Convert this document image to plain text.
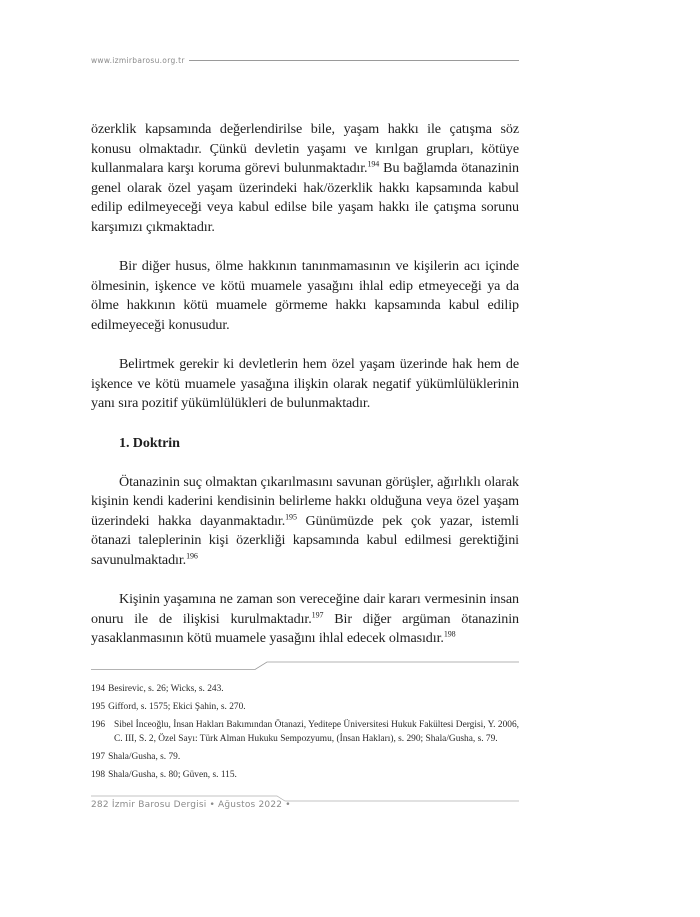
www.izmirbarosu.org.tr

özerklik kapsamında değerlendirilse bile, yaşam hakkı ile çatışma söz konusu olmaktadır. Çünkü devletin yaşamı ve kırılgan grupları, kötüye kullanmalara karşı koruma görevi bulunmaktadır.$^{194}$ Bu bağlamda ötanazinin genel olarak özel yaşam üzerindeki hak/özerklik hakkı kapsamında kabul edilip edilmeyeceği veya kabul edilse bile yaşam hakkı ile çatışma sorunu karşımızı çıkmaktadır.

Bir diğer husus, ölme hakkının tanınmamasının ve kişilerin acı içinde ölmesinin, işkence ve kötü muamele yasağını ihlal edip etmeyeceği ya da ölme hakkının kötü muamele görmeme hakkı kapsamında kabul edilip edilmeyeceği konusudur.

Belirtmek gerekir ki devletlerin hem özel yaşam üzerinde hak hem de işkence ve kötü muamele yasağına ilişkin olarak negatif yükümlülüklerinin yanı sıra pozitif yükümlülükleri de bulunmaktadır.

1. Doktrin

Ötanazinin suç olmaktan çıkarılmasını savunan görüşler, ağırlıklı olarak kişinin kendi kaderini kendisinin belirleme hakkı olduğuna veya özel yaşam üzerindeki hakka dayanmaktadır.$^{195}$ Günümüzde pek çok yazar, istemli ötanazi taleplerinin kişi özerkliği kapsamında kabul edilmesi gerektiğini savunulmaktadır.$^{196}$

Kişinin yaşamına ne zaman son vereceğine dair kararı vermesinin insan onuru ile de ilişkisi kurulmaktadır.$^{197}$ Bir diğer argüman ötanazinin yasaklanmasının kötü muamele yasağını ihlal edecek olmasıdır.$^{198}$

194 Besirevic, s. 26; Wicks, s. 243.
195 Gifford, s. 1575; Ekici Şahin, s. 270.
196 Sibel İnceoğlu, İnsan Hakları Bakımından Ötanazi, Yeditepe Üniversitesi Hukuk Fakültesi Dergisi, Y. 2006, C. III, S. 2, Özel Sayı: Türk Alman Hukuku Sempozyumu, (İnsan Hakları), s. 290; Shala/Gusha, s. 79.
197 Shala/Gusha, s. 79.
198 Shala/Gusha, s. 80; Güven, s. 115.
282 İzmir Barosu Dergisi • Ağustos 2022 •
